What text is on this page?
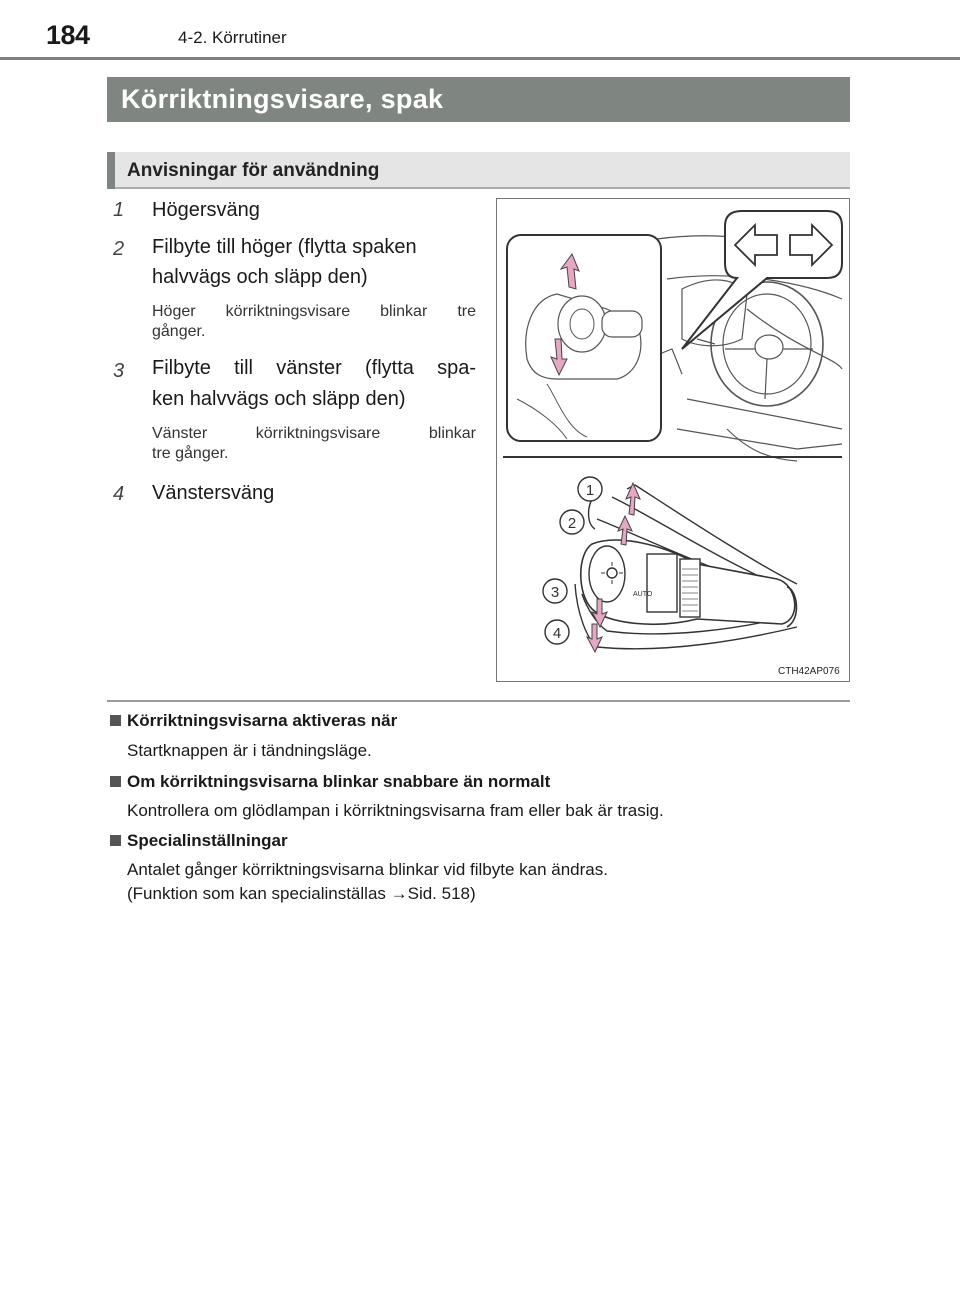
184	4-2. Körrutiner
Körriktningsvisare, spak
Anvisningar för användning
1 Högersväng
2 Filbyte till höger (flytta spaken
halvvägs och släpp den)
Höger körriktningsvisare blinkar tre
gånger.
3 Filbyte till vänster (flytta spa-
ken halvvägs och släpp den)
Vänster körriktningsvisare blinkar
tre gånger.
4 Vänstersväng
AUTO
1
2
3
4
CTH42AP076
Körriktningsvisarna aktiveras när
Startknappen är i tändningsläge.
Om körriktningsvisarna blinkar snabbare än normalt
Kontrollera om glödlampan i körriktningsvisarna fram eller bak är trasig.
Specialinställningar
Antalet gånger körriktningsvisarna blinkar vid filbyte kan ändras.
(Funktion som kan specialinställas →Sid. 518)
